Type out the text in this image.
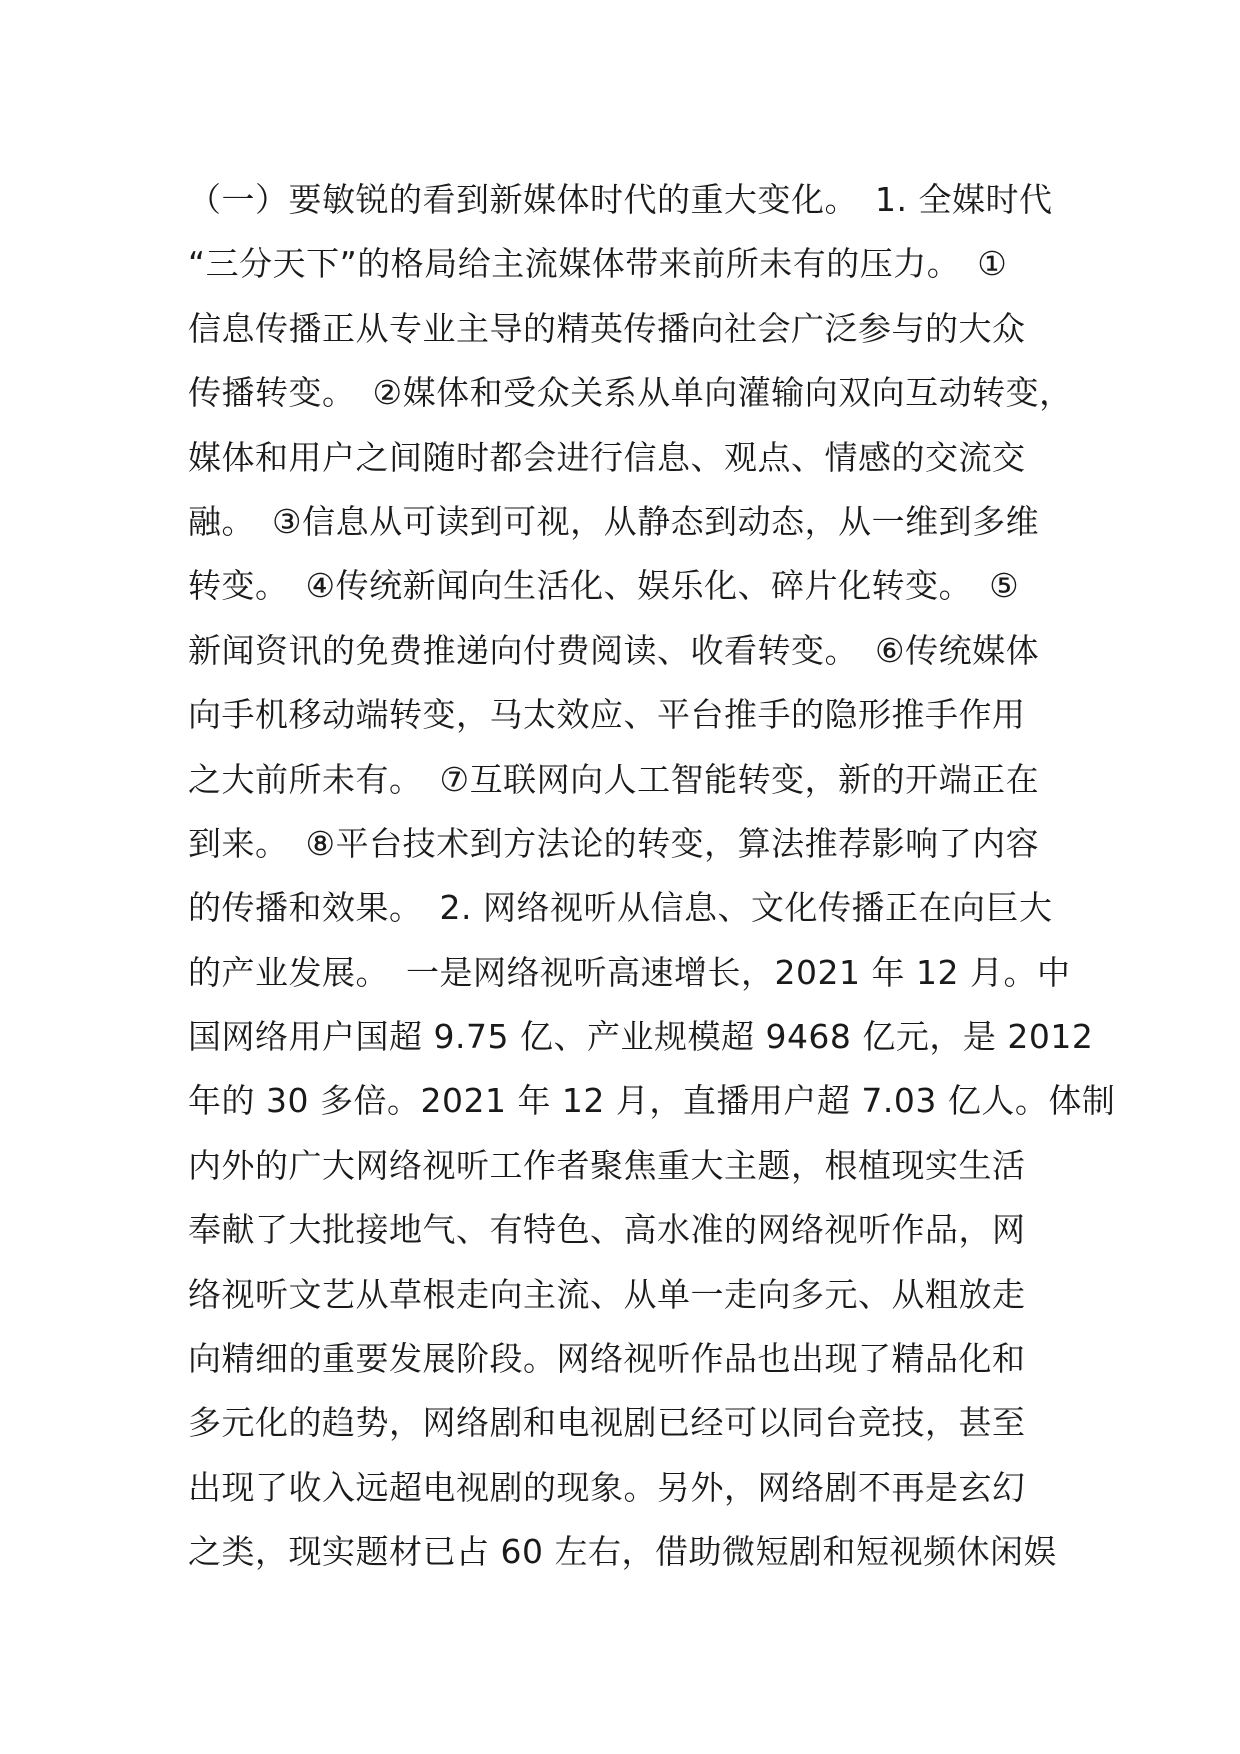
（一）要敏锐的看到新媒体时代的重大变化。　1. 全媒时代
“三分天下”的格局给主流媒体带来前所未有的压力。　①
信息传播正从专业主导的精英传播向社会广泛参与的大众
传播转变。　②媒体和受众关系从单向灌输向双向互动转变，
媒体和用户之间随时都会进行信息、观点、情感的交流交
融。　③信息从可读到可视，从静态到动态，从一维到多维
转变。　④传统新闻向生活化、娱乐化、碎片化转变。　⑤
新闻资讯的免费推递向付费阅读、收看转变。　⑥传统媒体
向手机移动端转变，马太效应、平台推手的隐形推手作用
之大前所未有。　⑦互联网向人工智能转变，新的开端正在
到来。　⑧平台技术到方法论的转变，算法推荐影响了内容
的传播和效果。　2. 网络视听从信息、文化传播正在向巨大
的产业发展。　一是网络视听高速增长，2021 年 12 月。中
国网络用户国超 9.75 亿、产业规模超 9468 亿元，是 2012
年的 30 多倍。2021 年 12 月，直播用户超 7.03 亿人。体制
内外的广大网络视听工作者聚焦重大主题，根植现实生活
奉献了大批接地气、有特色、高水准的网络视听作品，网
络视听文艺从草根走向主流、从单一走向多元、从粗放走
向精细的重要发展阶段。网络视听作品也出现了精品化和
多元化的趋势，网络剧和电视剧已经可以同台竞技，甚至
出现了收入远超电视剧的现象。另外，网络剧不再是玄幻
之类，现实题材已占 60 左右，借助微短剧和短视频休闲娱
